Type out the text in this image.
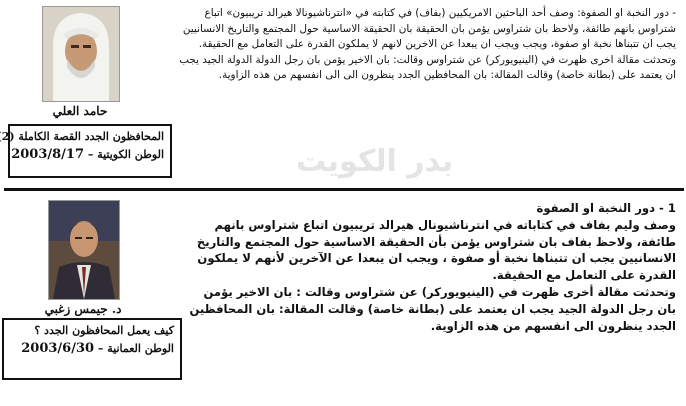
حامد العلي
المحافظون الجدد القصة الكاملة (2
الوطن الكويتية – 2003/8/17

- دور النخبة او الصفوة: وصف أحد الباحثين الامريكيين (بفاف) في كتابته في «انترناشيونالا هيرالد تريبيون» اتباع شتراوس بانهم طائفة، ولاحظ بان شتراوس يؤمن بان الحقيقة بان الحقيقة الاساسية حول المجتمع والتاريخ الانسانيين يجب ان تتبناها نخبة او صفوة، ويجب ويجب ان يبعدا عن الاخرين لانهم لا يملكون القدرة على التعامل مع الحقيقة.

وتحدثت مقالة اخرى ظهرت في (الينيويوركر) عن شتراوس وقالت: بان الاخير يؤمن بان رجل الدولة الدولة الجيد يجب ان يعتمد على (بطانة خاصة) وقالت المقالة: بان المحافظين الجدد ينظرون الى الى انفسهم من هذه الزاوية.

بدر الكويت
د. جيمس زغبي
كيف يعمل المحافظون الجدد ؟
الوطن العمانية – 2003/6/30

1 - دور النخبة او الصفوة

وصف وليم بفاف في كتاباته في انترناشيونال هيرالد تريبيون اتباع شتراوس بانهم طائفة، ولاحظ بفاف بان شتراوس يؤمن بأن الحقيقة الاساسية حول المجتمع والتاريخ الانسانيين يجب ان تتبناها نخبة أو صفوة ، ويجب ان يبعدا عن الآخرين لأنهم لا يملكون القدرة على التعامل مع الحقيقة.

وتحدثت مقالة أخرى ظهرت في (الينيويوركر) عن شتراوس وقالت : بان الاخير يؤمن بان رجل الدولة الجيد يجب ان يعتمد على (بطانة خاصة) وقالت المقالة: بان المحافظين الجدد ينظرون الى انفسهم من هذه الزاوية.
